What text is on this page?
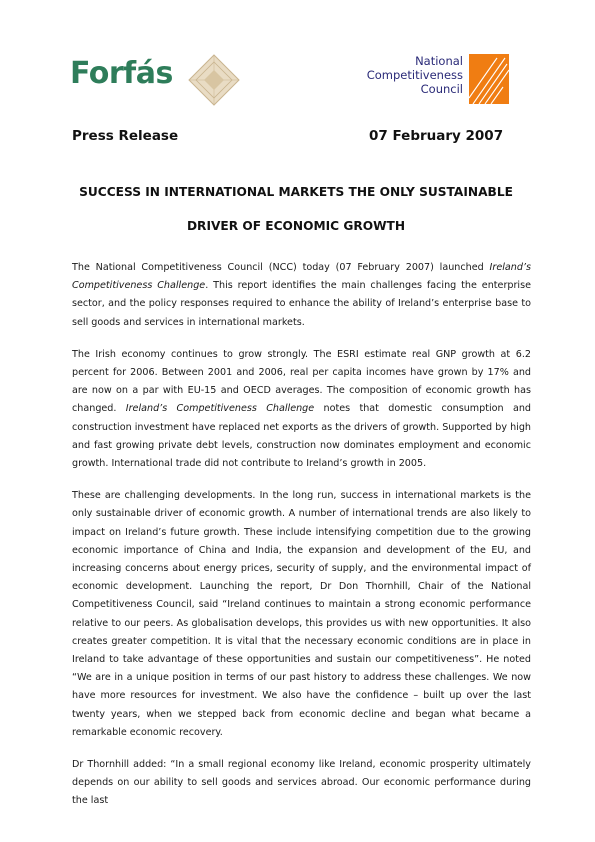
Forfás	National
Competitiveness
Council
Press Release	07 February 2007
SUCCESS IN INTERNATIONAL MARKETS THE ONLY SUSTAINABLE
DRIVER OF ECONOMIC GROWTH

The National Competitiveness Council (NCC) today (07 February 2007) launched Ireland’s Competitiveness Challenge. This report identifies the main challenges facing the enterprise sector, and the policy responses required to enhance the ability of Ireland’s enterprise base to sell goods and services in international markets.

The Irish economy continues to grow strongly. The ESRI estimate real GNP growth at 6.2 percent for 2006. Between 2001 and 2006, real per capita incomes have grown by 17% and are now on a par with EU-15 and OECD averages. The composition of economic growth has changed. Ireland’s Competitiveness Challenge notes that domestic consumption and construction investment have replaced net exports as the drivers of growth. Supported by high and fast growing private debt levels, construction now dominates employment and economic growth. International trade did not contribute to Ireland’s growth in 2005.

These are challenging developments. In the long run, success in international markets is the only sustainable driver of economic growth. A number of international trends are also likely to impact on Ireland’s future growth. These include intensifying competition due to the growing economic importance of China and India, the expansion and development of the EU, and increasing concerns about energy prices, security of supply, and the environmental impact of economic development. Launching the report, Dr Don Thornhill, Chair of the National Competitiveness Council, said “Ireland continues to maintain a strong economic performance relative to our peers. As globalisation develops, this provides us with new opportunities. It also creates greater competition. It is vital that the necessary economic conditions are in place in Ireland to take advantage of these opportunities and sustain our competitiveness”. He noted “We are in a unique position in terms of our past history to address these challenges. We now have more resources for investment. We also have the confidence – built up over the last twenty years, when we stepped back from economic decline and began what became a remarkable economic recovery.

Dr Thornhill added: “In a small regional economy like Ireland, economic prosperity ultimately depends on our ability to sell goods and services abroad. Our economic performance during the last
